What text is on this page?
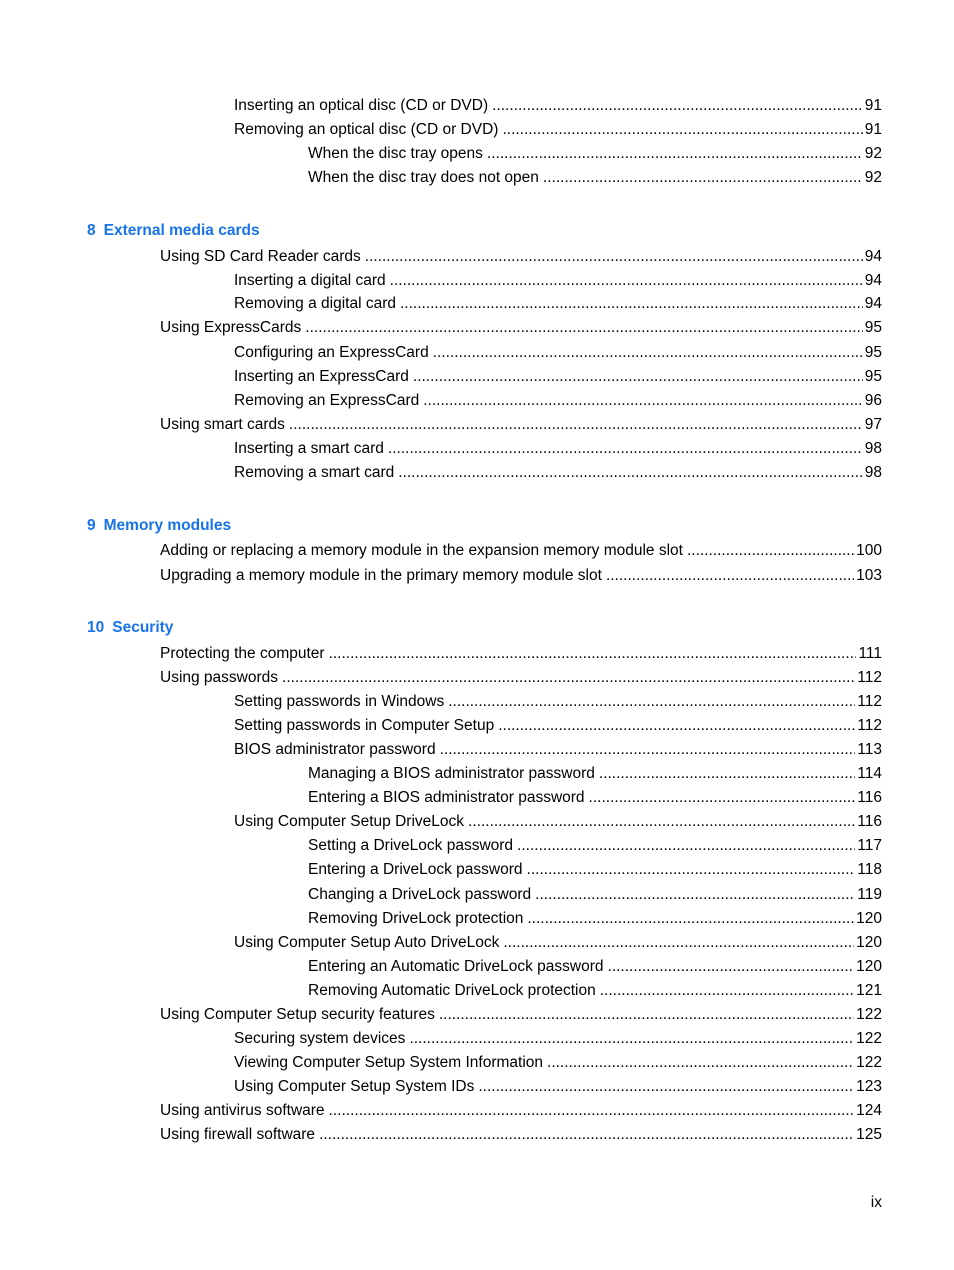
Inserting an optical disc (CD or DVD) .....	91
Removing an optical disc (CD or DVD) .....	91
When the disc tray opens .....	92
When the disc tray does not open .....	92
8 External media cards
Using SD Card Reader cards .....	94
Inserting a digital card .....	94
Removing a digital card .....	94
Using ExpressCards .....	95
Configuring an ExpressCard .....	95
Inserting an ExpressCard .....	95
Removing an ExpressCard .....	96
Using smart cards .....	97
Inserting a smart card .....	98
Removing a smart card .....	98
9 Memory modules
Adding or replacing a memory module in the expansion memory module slot .....	100
Upgrading a memory module in the primary memory module slot .....	103
10 Security
Protecting the computer .....	111
Using passwords .....	112
Setting passwords in Windows .....	112
Setting passwords in Computer Setup .....	112
BIOS administrator password .....	113
Managing a BIOS administrator password .....	114
Entering a BIOS administrator password .....	116
Using Computer Setup DriveLock .....	116
Setting a DriveLock password .....	117
Entering a DriveLock password .....	118
Changing a DriveLock password .....	119
Removing DriveLock protection .....	120
Using Computer Setup Auto DriveLock .....	120
Entering an Automatic DriveLock password .....	120
Removing Automatic DriveLock protection .....	121
Using Computer Setup security features .....	122
Securing system devices .....	122
Viewing Computer Setup System Information .....	122
Using Computer Setup System IDs .....	123
Using antivirus software .....	124
Using firewall software .....	125
ix
